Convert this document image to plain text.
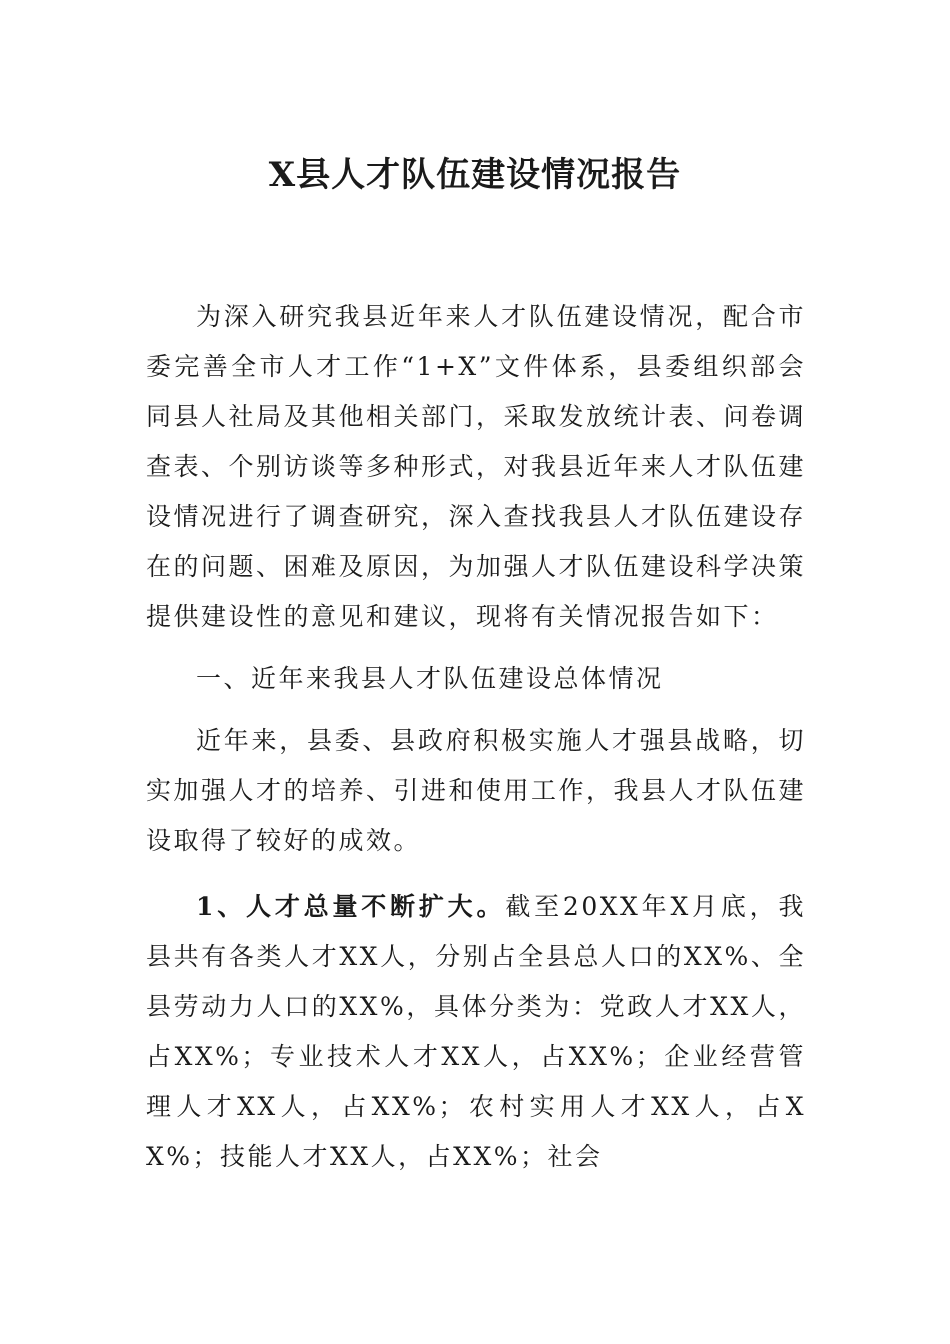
X县人才队伍建设情况报告

为深入研究我县近年来人才队伍建设情况，配合市委完善全市人才工作“1+X”文件体系，县委组织部会同县人社局及其他相关部门，采取发放统计表、问卷调查表、个别访谈等多种形式，对我县近年来人才队伍建设情况进行了调查研究，深入查找我县人才队伍建设存在的问题、困难及原因，为加强人才队伍建设科学决策提供建设性的意见和建议，现将有关情况报告如下：

一、近年来我县人才队伍建设总体情况

近年来，县委、县政府积极实施人才强县战略，切实加强人才的培养、引进和使用工作，我县人才队伍建设取得了较好的成效。

1、人才总量不断扩大。截至20XX年X月底，我县共有各类人才XX人，分别占全县总人口的XX%、全县劳动力人口的XX%，具体分类为：党政人才XX人，占XX%；专业技术人才XX人，占XX%；企业经营管理人才XX人，占XX%；农村实用人才XX人，占XX%；技能人才XX人，占XX%；社会
